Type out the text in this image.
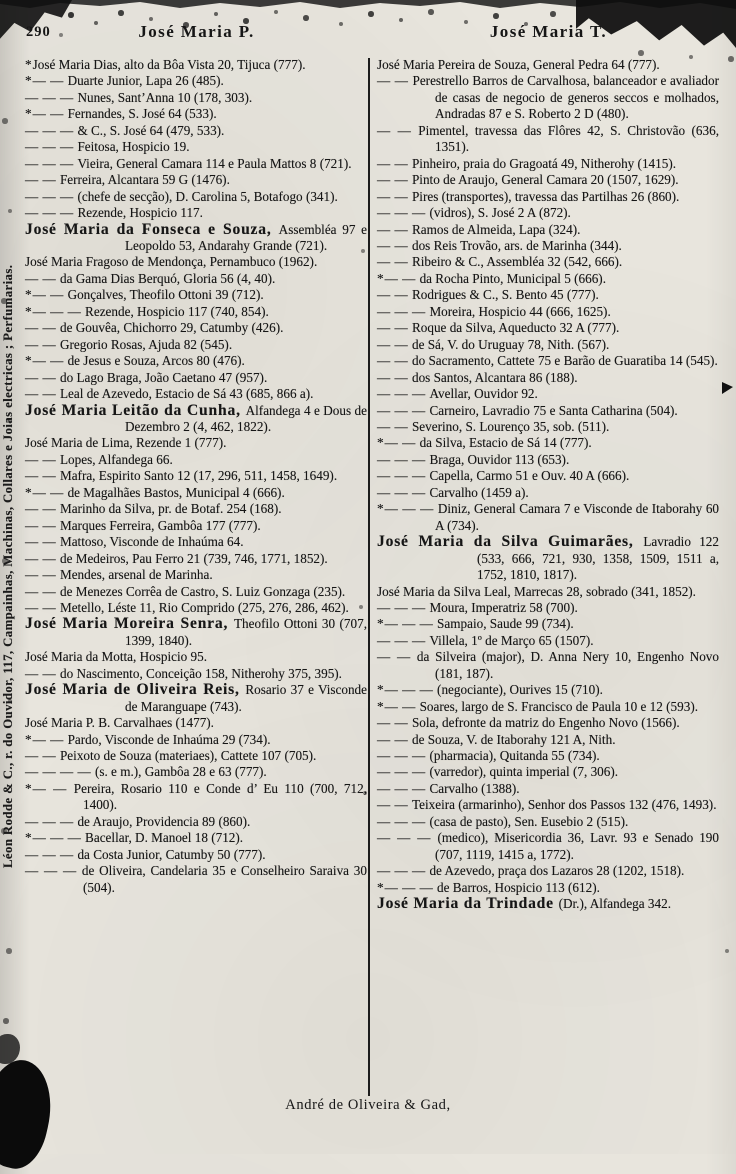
290	José Maria P.	José Maria T.
Léon Rodde & C., r. do Ouvidor, 117, Campainhas, Machinas, Collares e Joias electricas ; Perfumarias.

*José Maria Dias, alto da Bôa Vista 20, Tijuca (777).

*— — Duarte Junior, Lapa 26 (485).

— — — Nunes, Sant’Anna 10 (178, 303).

*— — Fernandes, S. José 64 (533).

— — — & C., S. José 64 (479, 533).

— — — Feitosa, Hospicio 19.

— — — Vieira, General Camara 114 e Paula Mattos 8 (721).

— — Ferreira, Alcantara 59 G (1476).

— — — (chefe de secção), D. Carolina 5, Botafogo (341).

— — — Rezende, Hospicio 117.

José Maria da Fonseca e Souza, Assembléa 97 e Leopoldo 53, Andarahy Grande (721).

José Maria Fragoso de Mendonça, Pernambuco (1962).

— — da Gama Dias Berquó, Gloria 56 (4, 40).

*— — Gonçalves, Theofilo Ottoni 39 (712).

*— — — Rezende, Hospicio 117 (740, 854).

— — de Gouvêa, Chichorro 29, Catumby (426).

— — Gregorio Rosas, Ajuda 82 (545).

*— — de Jesus e Souza, Arcos 80 (476).

— — do Lago Braga, João Caetano 47 (957).

— — Leal de Azevedo, Estacio de Sá 43 (685, 866 a).

José Maria Leitão da Cunha, Alfandega 4 e Dous de Dezembro 2 (4, 462, 1822).

José Maria de Lima, Rezende 1 (777).

— — Lopes, Alfandega 66.

— — Mafra, Espirito Santo 12 (17, 296, 511, 1458, 1649).

*— — de Magalhães Bastos, Municipal 4 (666).

— — Marinho da Silva, pr. de Botaf. 254 (168).

— — Marques Ferreira, Gambôa 177 (777).

— — Mattoso, Visconde de Inhaúma 64.

— — de Medeiros, Pau Ferro 21 (739, 746, 1771, 1852).

— — Mendes, arsenal de Marinha.

— — de Menezes Corrêa de Castro, S. Luiz Gonzaga (235).

— — Metello, Léste 11, Rio Comprido (275, 276, 286, 462).

José Maria Moreira Senra, Theofilo Ottoni 30 (707, 1399, 1840).

José Maria da Motta, Hospicio 95.

— — do Nascimento, Conceição 158, Nitherohy 375, 395).

José Maria de Oliveira Reis, Rosario 37 e Visconde de Maranguape (743).

José Maria P. B. Carvalhaes (1477).

*— — Pardo, Visconde de Inhaúma 29 (734).

— — Peixoto de Souza (materiaes), Cattete 107 (705).

— — — — (s. e m.), Gambôa 28 e 63 (777).

*— — Pereira, Rosario 110 e Conde d’ Eu 110 (700, 712, 1400).

— — — de Araujo, Providencia 89 (860).

*— — — Bacellar, D. Manoel 18 (712).

— — — da Costa Junior, Catumby 50 (777).

— — — de Oliveira, Candelaria 35 e Conselheiro Saraiva 30 (504).

José Maria Pereira de Souza, General Pedra 64 (777).

— — Perestrello Barros de Carvalhosa, balanceador e avaliador de casas de negocio de generos seccos e molhados, Andradas 87 e S. Roberto 2 D (480).

— — Pimentel, travessa das Flôres 42, S. Christovão (636, 1351).

— — Pinheiro, praia do Gragoatá 49, Nitherohy (1415).

— — Pinto de Araujo, General Camara 20 (1507, 1629).

— — Pires (transportes), travessa das Partilhas 26 (860).

— — — (vidros), S. José 2 A (872).

— — Ramos de Almeida, Lapa (324).

— — dos Reis Trovão, ars. de Marinha (344).

— — Ribeiro & C., Assembléa 32 (542, 666).

*— — da Rocha Pinto, Municipal 5 (666).

— — Rodrigues & C., S. Bento 45 (777).

— — — Moreira, Hospicio 44 (666, 1625).

— — Roque da Silva, Aqueducto 32 A (777).

— — de Sá, V. do Uruguay 78, Nith. (567).

— — do Sacramento, Cattete 75 e Barão de Guaratiba 14 (545).

— — dos Santos, Alcantara 86 (188).

— — — Avellar, Ouvidor 92.

— — — Carneiro, Lavradio 75 e Santa Catharina (504).

— — Severino, S. Lourenço 35, sob. (511).

*— — da Silva, Estacio de Sá 14 (777).

— — — Braga, Ouvidor 113 (653).

— — — Capella, Carmo 51 e Ouv. 40 A (666).

— — — Carvalho (1459 a).

*— — — Diniz, General Camara 7 e Visconde de Itaborahy 60 A (734).

José Maria da Silva Guimarães, Lavradio 122 (533, 666, 721, 930, 1358, 1509, 1511 a, 1752, 1810, 1817).

José Maria da Silva Leal, Marrecas 28, sobrado (341, 1852).

— — — Moura, Imperatriz 58 (700).

*— — — Sampaio, Saude 99 (734).

— — — Villela, 1º de Março 65 (1507).

— — da Silveira (major), D. Anna Nery 10, Engenho Novo (181, 187).

*— — — (negociante), Ourives 15 (710).

*— — Soares, largo de S. Francisco de Paula 10 e 12 (593).

— — Sola, defronte da matriz do Engenho Novo (1566).

— — de Souza, V. de Itaborahy 121 A, Nith.

— — — (pharmacia), Quitanda 55 (734).

— — — (varredor), quinta imperial (7, 306).

— — — Carvalho (1388).

— — Teixeira (armarinho), Senhor dos Passos 132 (476, 1493).

— — — (casa de pasto), Sen. Eusebio 2 (515).

— — — (medico), Misericordia 36, Lavr. 93 e Senado 190 (707, 1119, 1415 a, 1772).

— — — de Azevedo, praça dos Lazaros 28 (1202, 1518).

*— — — de Barros, Hospicio 113 (612).

José Maria da Trindade (Dr.), Alfandega 342.

André de Oliveira & Gad,
